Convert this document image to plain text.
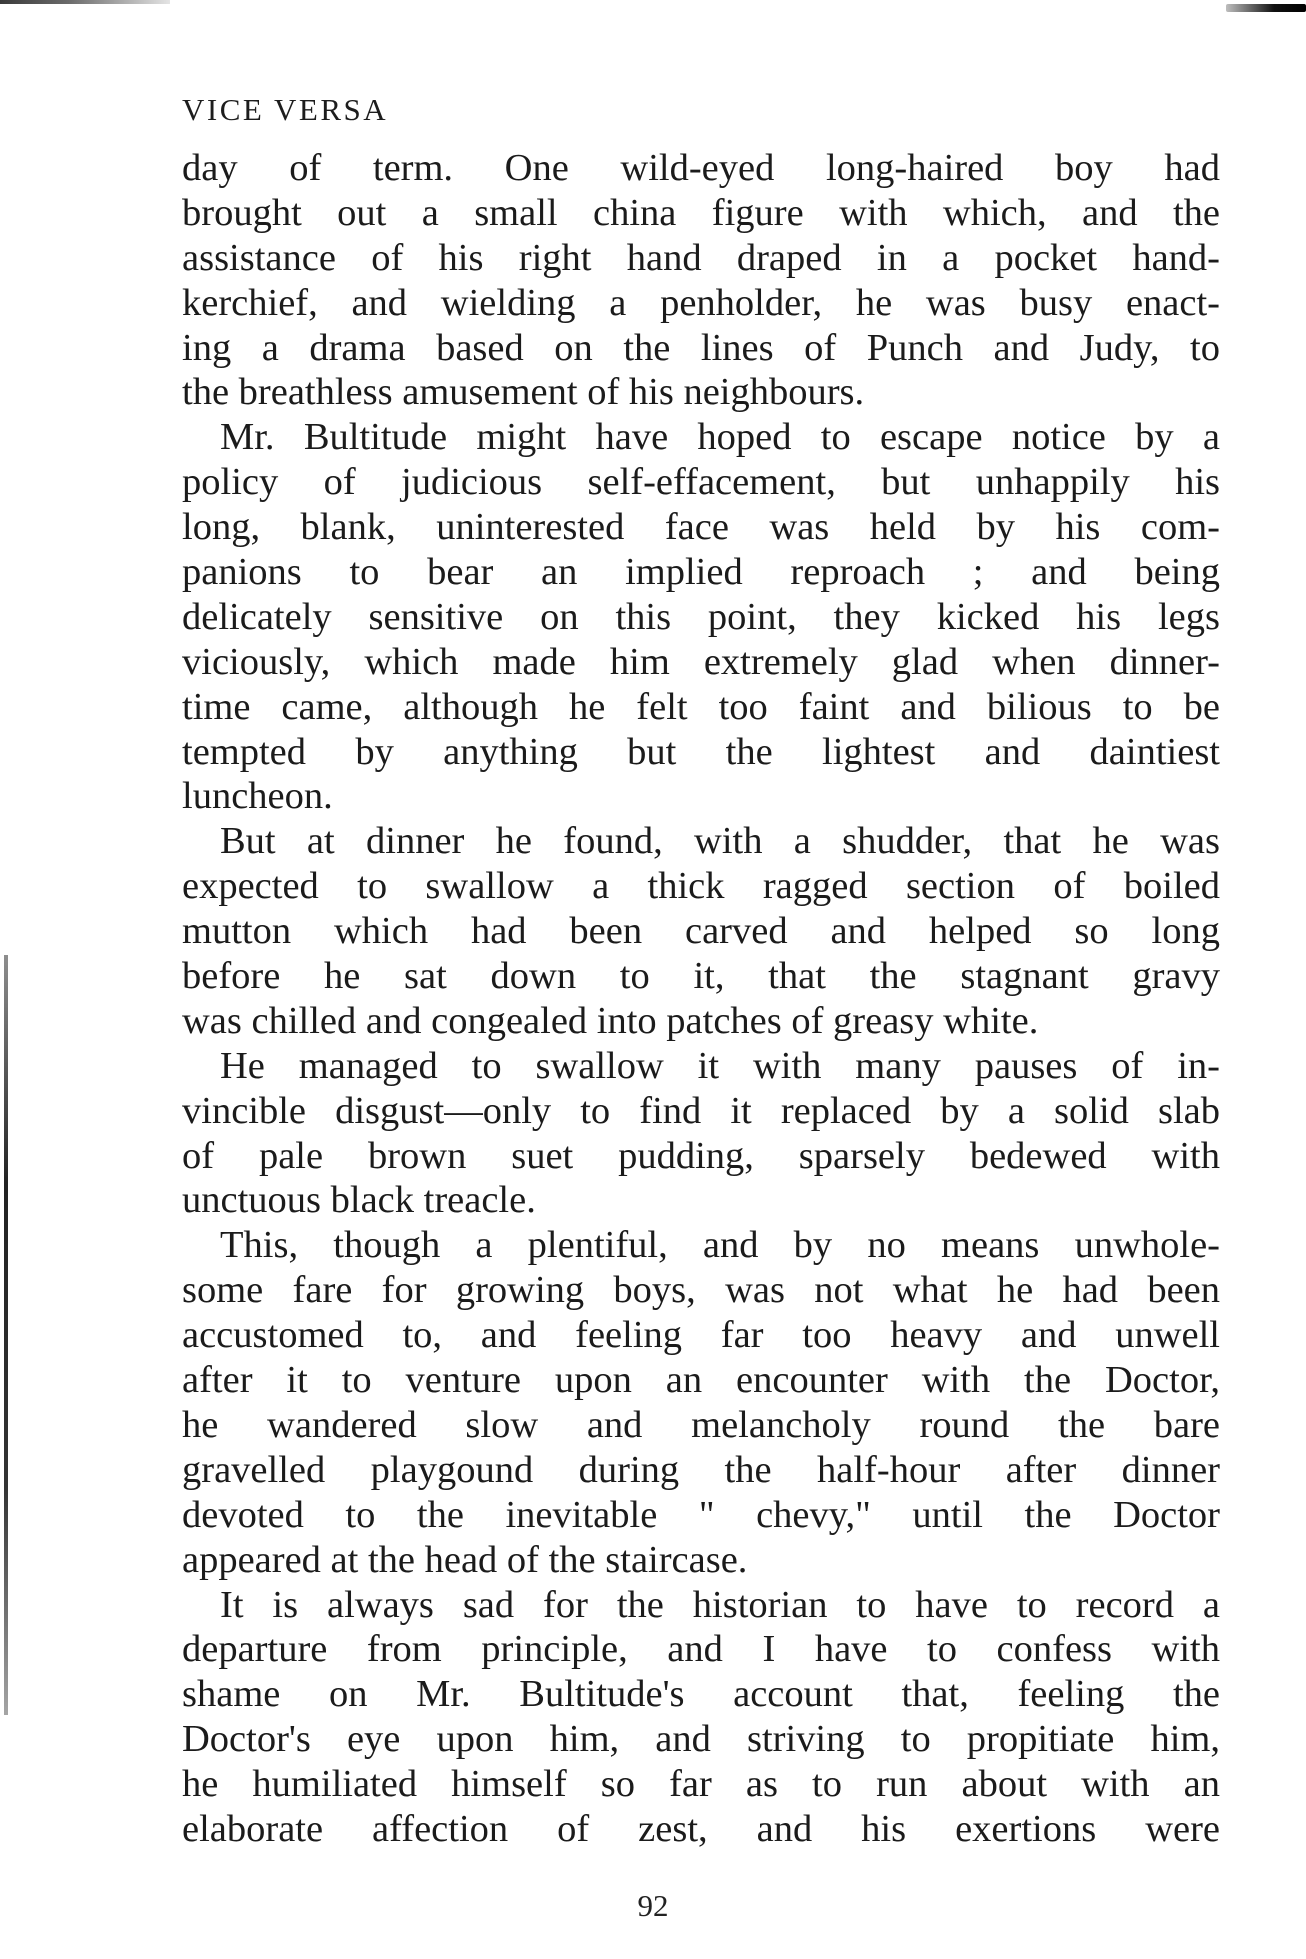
VICE VERSA
day of term. One wild-eyed long-haired boy had
brought out a small china figure with which, and the
assistance of his right hand draped in a pocket hand-
kerchief, and wielding a penholder, he was busy enact-
ing a drama based on the lines of Punch and Judy, to
the breathless amusement of his neighbours.
Mr. Bultitude might have hoped to escape notice by a
policy of judicious self-effacement, but unhappily his
long, blank, uninterested face was held by his com-
panions to bear an implied reproach ; and being
delicately sensitive on this point, they kicked his legs
viciously, which made him extremely glad when dinner-
time came, although he felt too faint and bilious to be
tempted by anything but the lightest and daintiest
luncheon.
But at dinner he found, with a shudder, that he was
expected to swallow a thick ragged section of boiled
mutton which had been carved and helped so long
before he sat down to it, that the stagnant gravy
was chilled and congealed into patches of greasy white.
He managed to swallow it with many pauses of in-
vincible disgust—only to find it replaced by a solid slab
of pale brown suet pudding, sparsely bedewed with
unctuous black treacle.
This, though a plentiful, and by no means unwhole-
some fare for growing boys, was not what he had been
accustomed to, and feeling far too heavy and unwell
after it to venture upon an encounter with the Doctor,
he wandered slow and melancholy round the bare
gravelled playgound during the half-hour after dinner
devoted to the inevitable " chevy," until the Doctor
appeared at the head of the staircase.
It is always sad for the historian to have to record a
departure from principle, and I have to confess with
shame on Mr. Bultitude's account that, feeling the
Doctor's eye upon him, and striving to propitiate him,
he humiliated himself so far as to run about with an
elaborate affection of zest, and his exertions were
92
